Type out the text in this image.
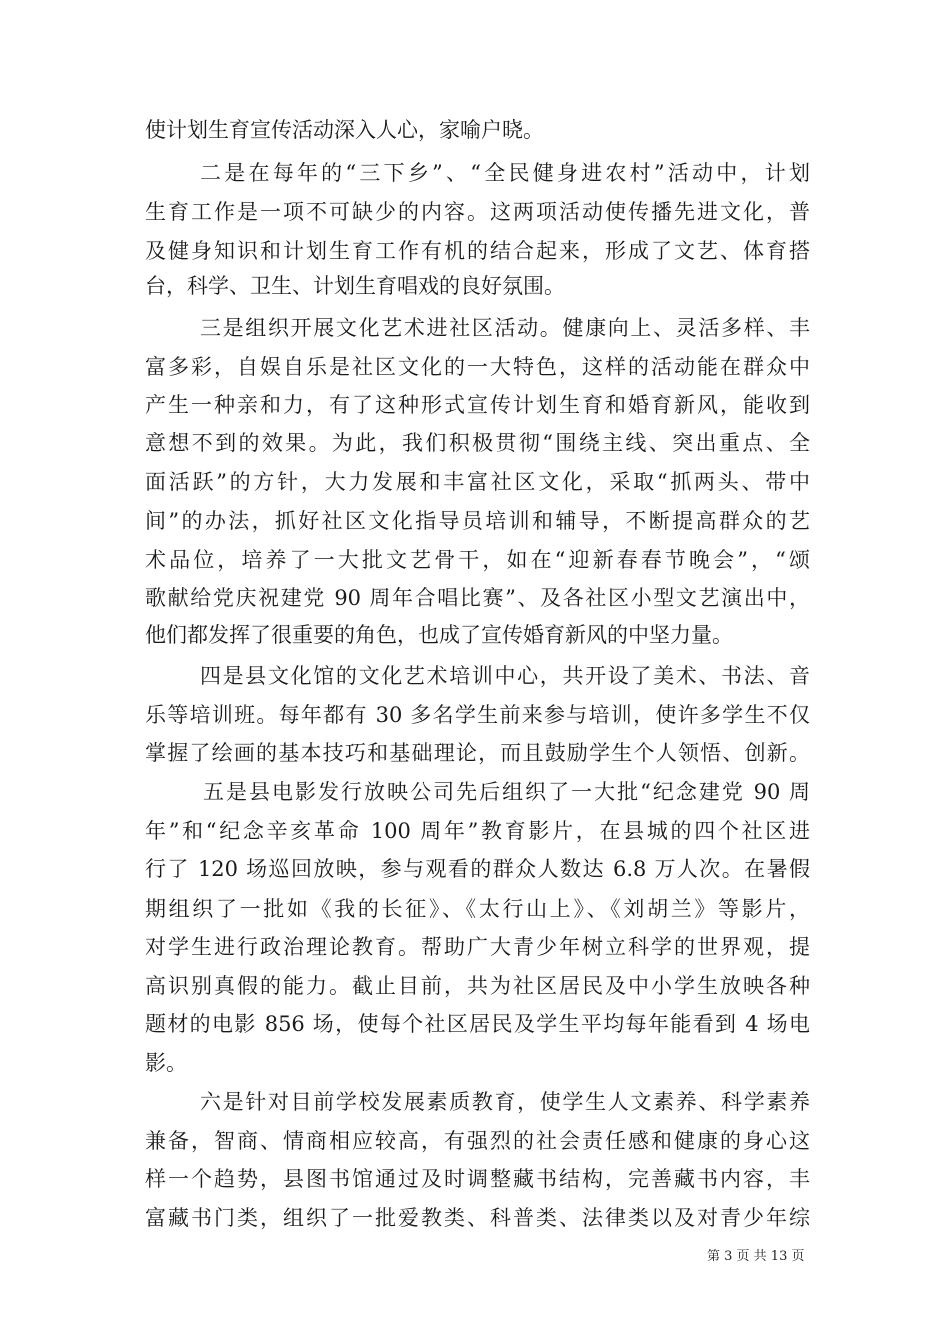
使计划生育宣传活动深入人心，家喻户晓。
二是在每年的“三下乡”、“全民健身进农村”活动中，计划
生育工作是一项不可缺少的内容。这两项活动使传播先进文化，普
及健身知识和计划生育工作有机的结合起来，形成了文艺、体育搭
台，科学、卫生、计划生育唱戏的良好氛围。
三是组织开展文化艺术进社区活动。健康向上、灵活多样、丰
富多彩，自娱自乐是社区文化的一大特色，这样的活动能在群众中
产生一种亲和力，有了这种形式宣传计划生育和婚育新风，能收到
意想不到的效果。为此，我们积极贯彻“围绕主线、突出重点、全
面活跃”的方针，大力发展和丰富社区文化，采取“抓两头、带中
间”的办法，抓好社区文化指导员培训和辅导，不断提高群众的艺
术品位，培养了一大批文艺骨干，如在“迎新春春节晚会”，“颂
歌献给党庆祝建党 90 周年合唱比赛”、及各社区小型文艺演出中，
他们都发挥了很重要的角色，也成了宣传婚育新风的中坚力量。
四是县文化馆的文化艺术培训中心，共开设了美术、书法、音
乐等培训班。每年都有 30 多名学生前来参与培训，使许多学生不仅
掌握了绘画的基本技巧和基础理论，而且鼓励学生个人领悟、创新。
五是县电影发行放映公司先后组织了一大批“纪念建党 90 周
年”和“纪念辛亥革命 100 周年”教育影片，在县城的四个社区进
行了 120 场巡回放映，参与观看的群众人数达 6.8 万人次。在暑假
期组织了一批如《我的长征》、《太行山上》、《刘胡兰》等影片，
对学生进行政治理论教育。帮助广大青少年树立科学的世界观，提
高识别真假的能力。截止目前，共为社区居民及中小学生放映各种
题材的电影 856 场，使每个社区居民及学生平均每年能看到 4 场电
影。
六是针对目前学校发展素质教育，使学生人文素养、科学素养
兼备，智商、情商相应较高，有强烈的社会责任感和健康的身心这
样一个趋势，县图书馆通过及时调整藏书结构，完善藏书内容，丰
富藏书门类，组织了一批爱教类、科普类、法律类以及对青少年综
第 3 页 共 13 页
